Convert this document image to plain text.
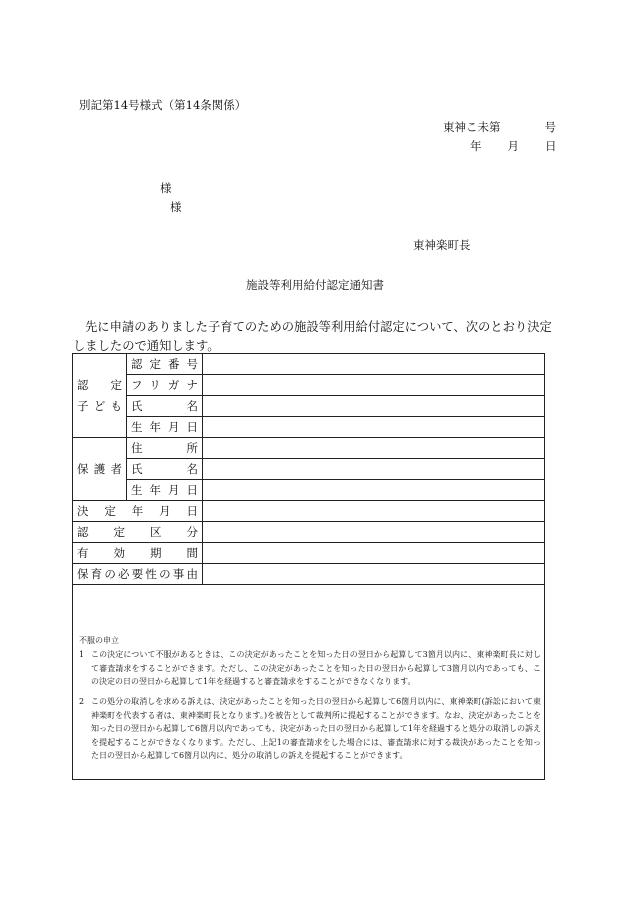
別記第14号様式（第14条関係）
東神こ未第	号
年 月 日
様
様
東神楽町長
施設等利用給付認定通知書
先に申請のありました子育てのための施設等利用給付認定について、次のとおり決定しましたので通知します。
認定
子ども	認定番号	
	フリガナ	
	氏名	
	生年月日	
保護者	住所	
	氏名	
	生年月日	
決定年月日		
認定区分		
有効期間		
保育の必要性の事由		
不服の申立
1 この決定について不服があるときは、この決定があったことを知った日の翌日から起算して3箇月以内に、東神楽町長に対して審査請求をすることができます。ただし、この決定があったことを知った日の翌日から起算して3箇月以内であっても、この決定の日の翌日から起算して1年を経過すると審査請求をすることができなくなります。
2 この処分の取消しを求める訴えは、決定があったことを知った日の翌日から起算して6箇月以内に、東神楽町(訴訟において東神楽町を代表する者は、東神楽町長となります。)を被告として裁判所に提起することができます。なお、決定があったことを知った日の翌日から起算して6箇月以内であっても、決定があった日の翌日から起算して1年を経過すると処分の取消しの訴えを提起することができなくなります。ただし、上記1の審査請求をした場合には、審査請求に対する裁決があったことを知った日の翌日から起算して6箇月以内に、処分の取消しの訴えを提起することができます。
